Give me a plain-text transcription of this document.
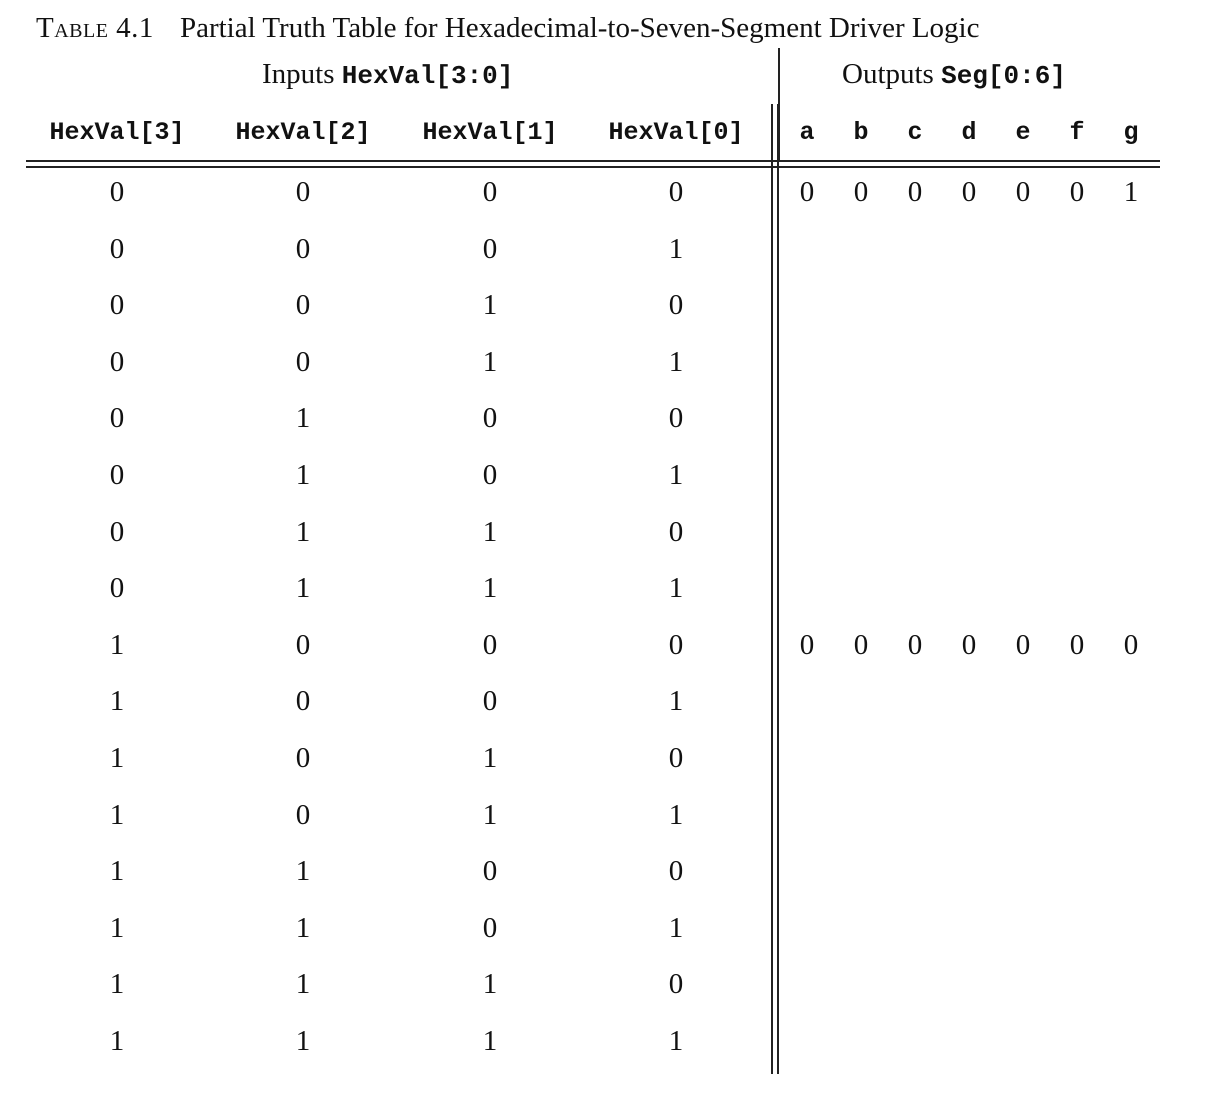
Table 4.1 Partial Truth Table for Hexadecimal-to-Seven-Segment Driver Logic
Inputs HexVal[3:0]	Outputs Seg[0:6]
HexVal[3]	HexVal[2]	HexVal[1]	HexVal[0]	a	b	c	d	e	f	g
0	0	0	0	0	0	0	0	0	0	1
0	0	0	1
0	0	1	0
0	0	1	1
0	1	0	0
0	1	0	1
0	1	1	0
0	1	1	1
1	0	0	0	0	0	0	0	0	0	0
1	0	0	1
1	0	1	0
1	0	1	1
1	1	0	0
1	1	0	1
1	1	1	0
1	1	1	1
